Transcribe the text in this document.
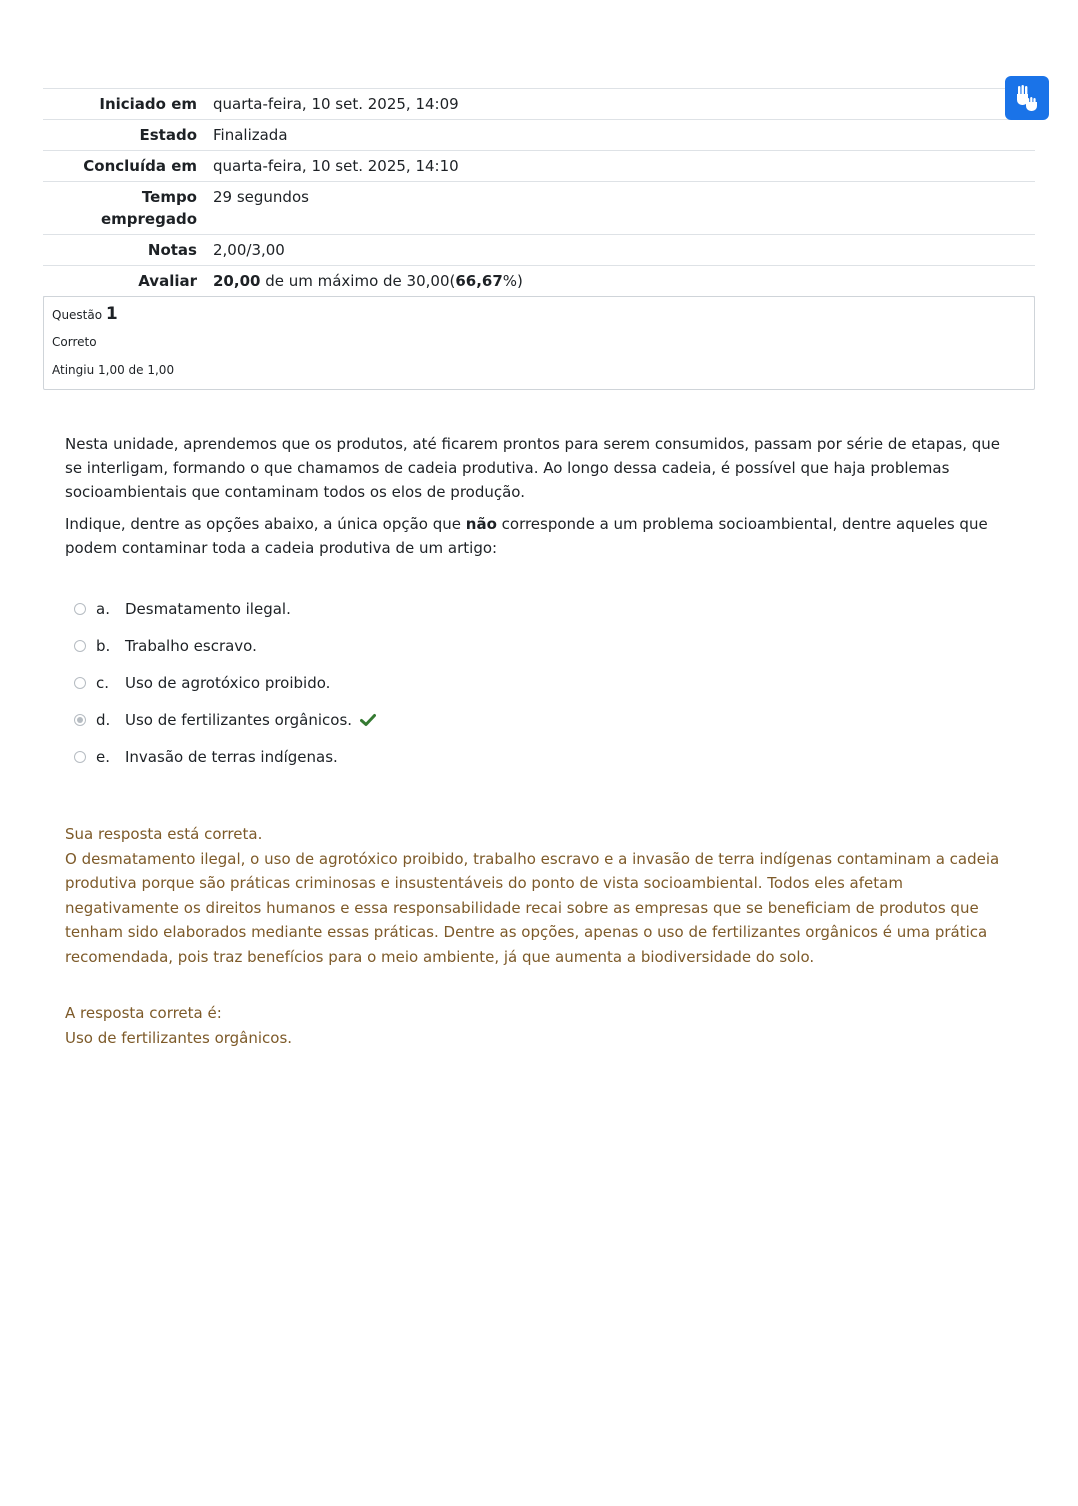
Iniciado em	quarta-feira, 10 set. 2025, 14:09
Estado	Finalizada
Concluída em	quarta-feira, 10 set. 2025, 14:10
Tempo
empregado	29 segundos
Notas	2,00/3,00
Avaliar	20,00 de um máximo de 30,00(66,67%)
Questão 1
Correto
Atingiu 1,00 de 1,00

Nesta unidade, aprendemos que os produtos, até ficarem prontos para serem consumidos, passam por série de etapas, que se interligam, formando o que chamamos de cadeia produtiva. Ao longo dessa cadeia, é possível que haja problemas socioambientais que contaminam todos os elos de produção.

Indique, dentre as opções abaixo, a única opção que não corresponde a um problema socioambiental, dentre aqueles que podem contaminar toda a cadeia produtiva de um artigo:

a.	Desmatamento ilegal.
b. Trabalho escravo.
c.	Uso de agrotóxico proibido.
d. Uso de fertilizantes orgânicos.
e.	Invasão de terras indígenas.

Sua resposta está correta.

O desmatamento ilegal, o uso de agrotóxico proibido, trabalho escravo e a invasão de terra indígenas contaminam a cadeia produtiva porque são práticas criminosas e insustentáveis do ponto de vista socioambiental. Todos eles afetam negativamente os direitos humanos e essa responsabilidade recai sobre as empresas que se beneficiam de produtos que tenham sido elaborados mediante essas práticas. Dentre as opções, apenas o uso de fertilizantes orgânicos é uma prática recomendada, pois traz benefícios para o meio ambiente, já que aumenta a biodiversidade do solo.

A resposta correta é:
Uso de fertilizantes orgânicos.
